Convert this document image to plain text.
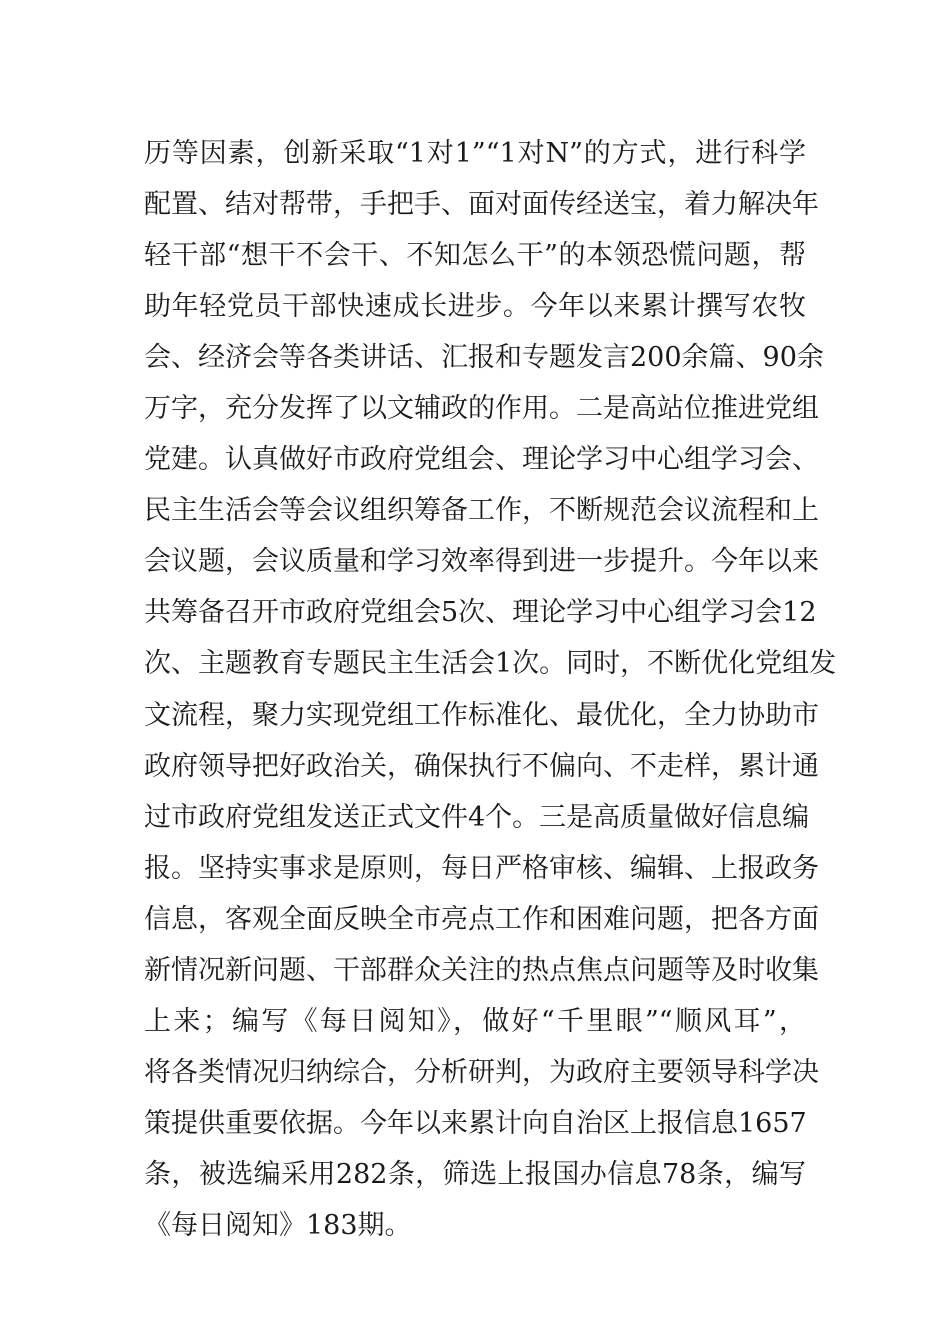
历等因素，创新采取“1对1”“1对N”的方式，进行科学
配置、结对帮带，手把手、面对面传经送宝，着力解决年
轻干部“想干不会干、不知怎么干”的本领恐慌问题，帮
助年轻党员干部快速成长进步。今年以来累计撰写农牧
会、经济会等各类讲话、汇报和专题发言200余篇、90余
万字，充分发挥了以文辅政的作用。二是高站位推进党组
党建。认真做好市政府党组会、理论学习中心组学习会、
民主生活会等会议组织筹备工作，不断规范会议流程和上
会议题，会议质量和学习效率得到进一步提升。今年以来
共筹备召开市政府党组会5次、理论学习中心组学习会12
次、主题教育专题民主生活会1次。同时，不断优化党组发
文流程，聚力实现党组工作标准化、最优化，全力协助市
政府领导把好政治关，确保执行不偏向、不走样，累计通
过市政府党组发送正式文件4个。三是高质量做好信息编
报。坚持实事求是原则，每日严格审核、编辑、上报政务
信息，客观全面反映全市亮点工作和困难问题，把各方面
新情况新问题、干部群众关注的热点焦点问题等及时收集
上来；编写《每日阅知》，做好“千里眼”“顺风耳”，
将各类情况归纳综合，分析研判，为政府主要领导科学决
策提供重要依据。今年以来累计向自治区上报信息1657
条，被选编采用282条，筛选上报国办信息78条，编写
《每日阅知》183期。
